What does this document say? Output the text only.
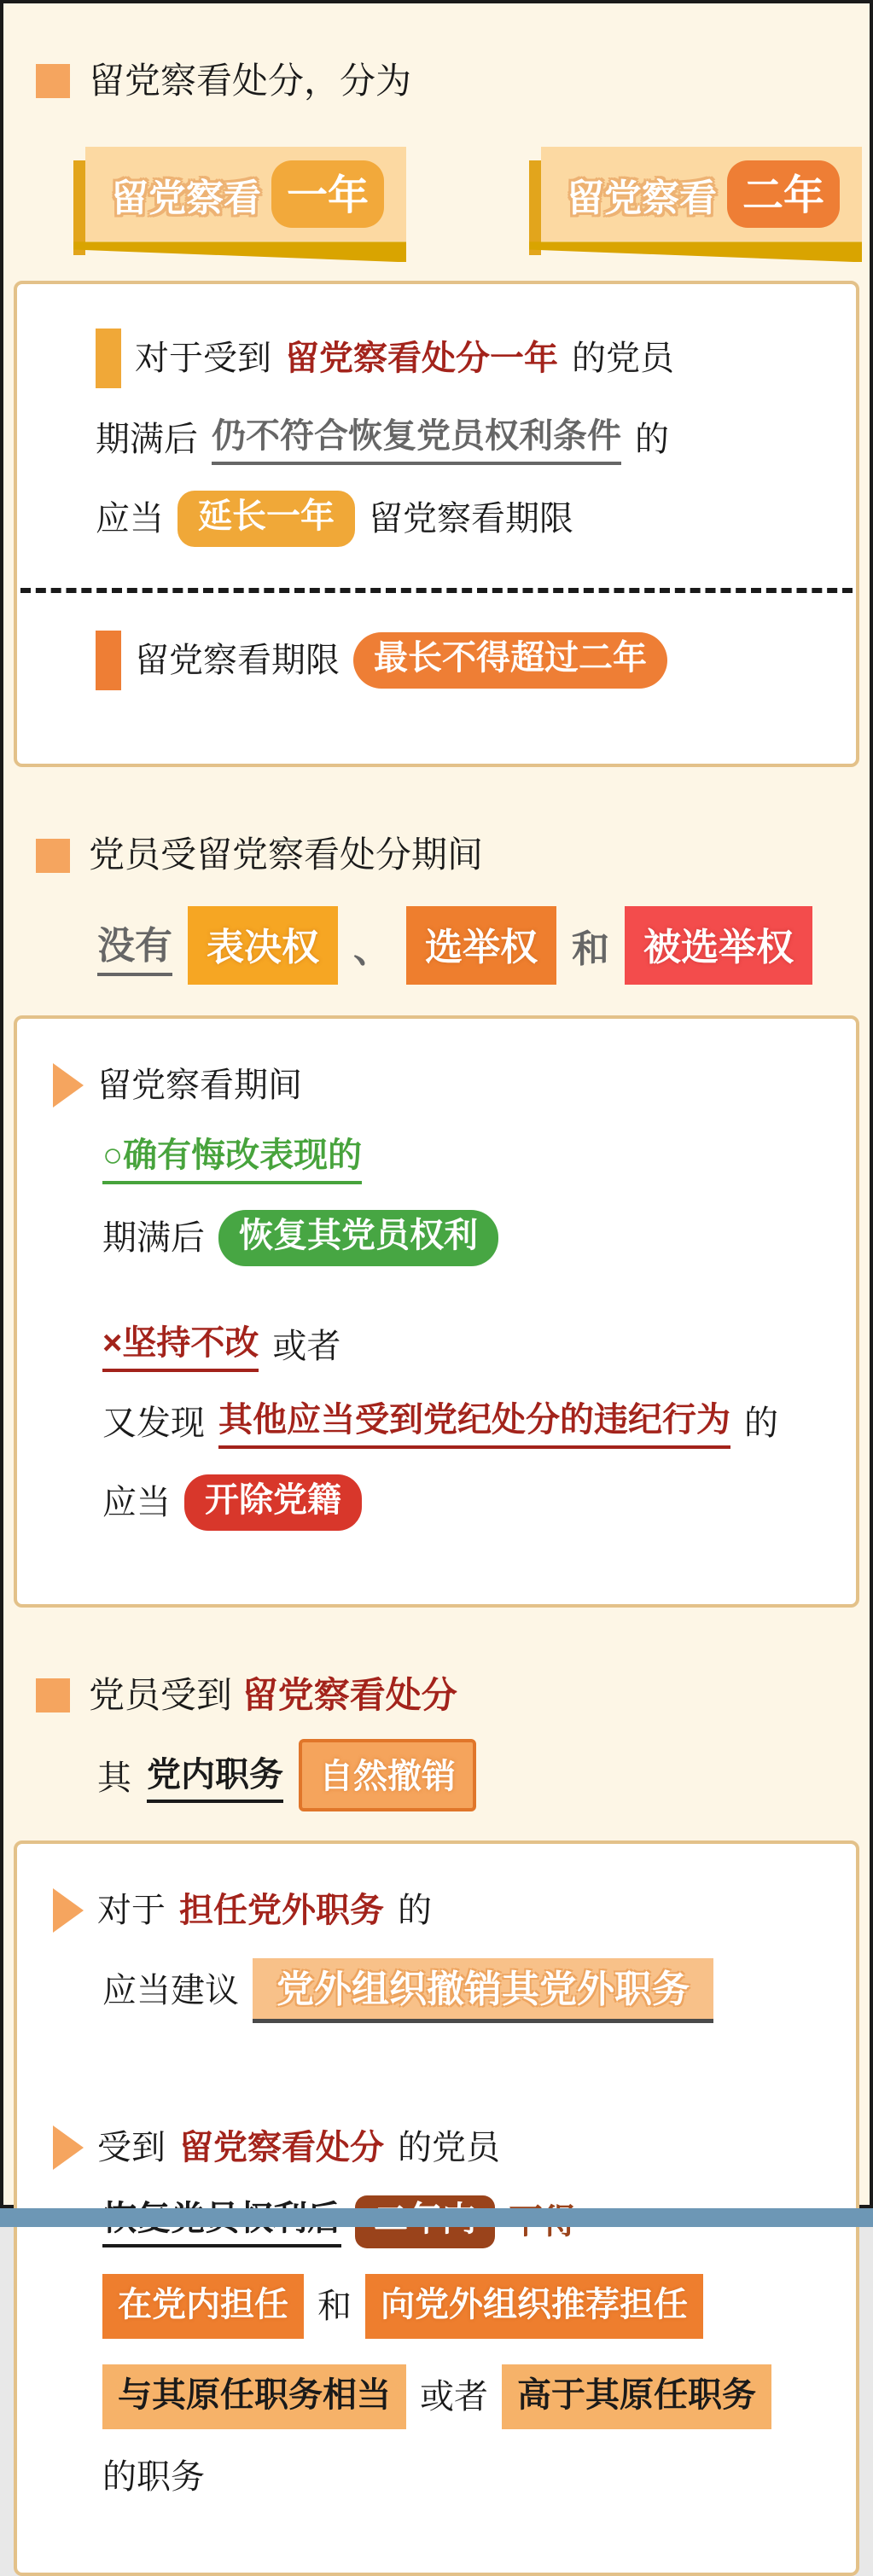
留党察看处分，分为
留党察看 一年	留党察看 二年
对于受到 留党察看处分一年 的党员
期满后 仍不符合恢复党员权利条件 的
应当	延长一年	留党察看期限
留党察看期限	最长不得超过二年
党员受留党察看处分期间
没有 表决权 、 选举权 和 被选举权
留党察看期间
○确有悔改表现的
期满后	恢复其党员权利
×坚持不改 或者
又发现 其他应当受到党纪处分的违纪行为 的
应当	开除党籍
党员受到 留党察看处分
其 党内职务	自然撤销
对于 担任党外职务 的
应当建议	党外组织撤销其党外职务
受到 留党察看处分 的党员
在党内担任 和 向党外组织推荐担任
与其原任职务相当 或者 高于其原任职务
的职务
